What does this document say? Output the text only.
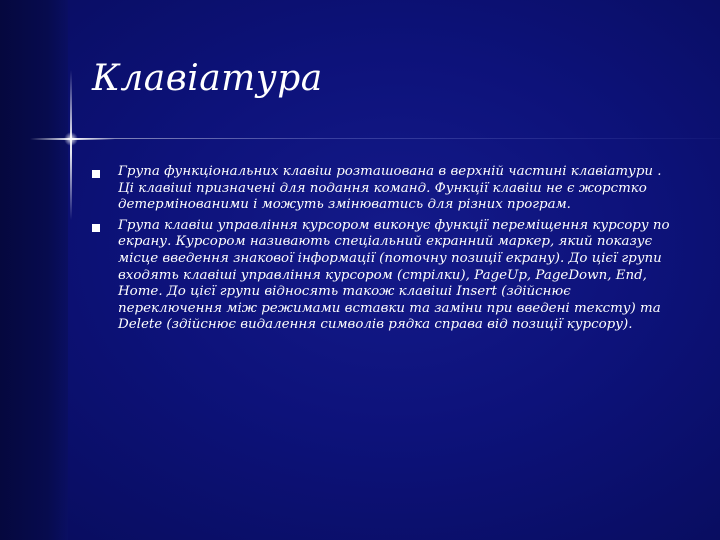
Клавіатура
Група функціональних клавіш розташована в верхній частині клавіатури . Ці клавіші призначені для подання команд. Функції клавіш не є жорстко детермінованими і можуть змінюватись для різних програм.
Група клавіш управління курсором виконує функції переміщення курсору по екрану. Курсором називають спеціальний екранний маркер, який показує місце введення знакової інформації (поточну позиції екрану). До цієї групи входять клавіші управління курсором (стрілки), PageUp, PageDown, End, Home. До цієї групи відносять також клавіші Insert (здійснює переключення між режимами вставки та заміни при введені тексту) та Delete (здійснює видалення символів рядка справа від позиції курсору).
